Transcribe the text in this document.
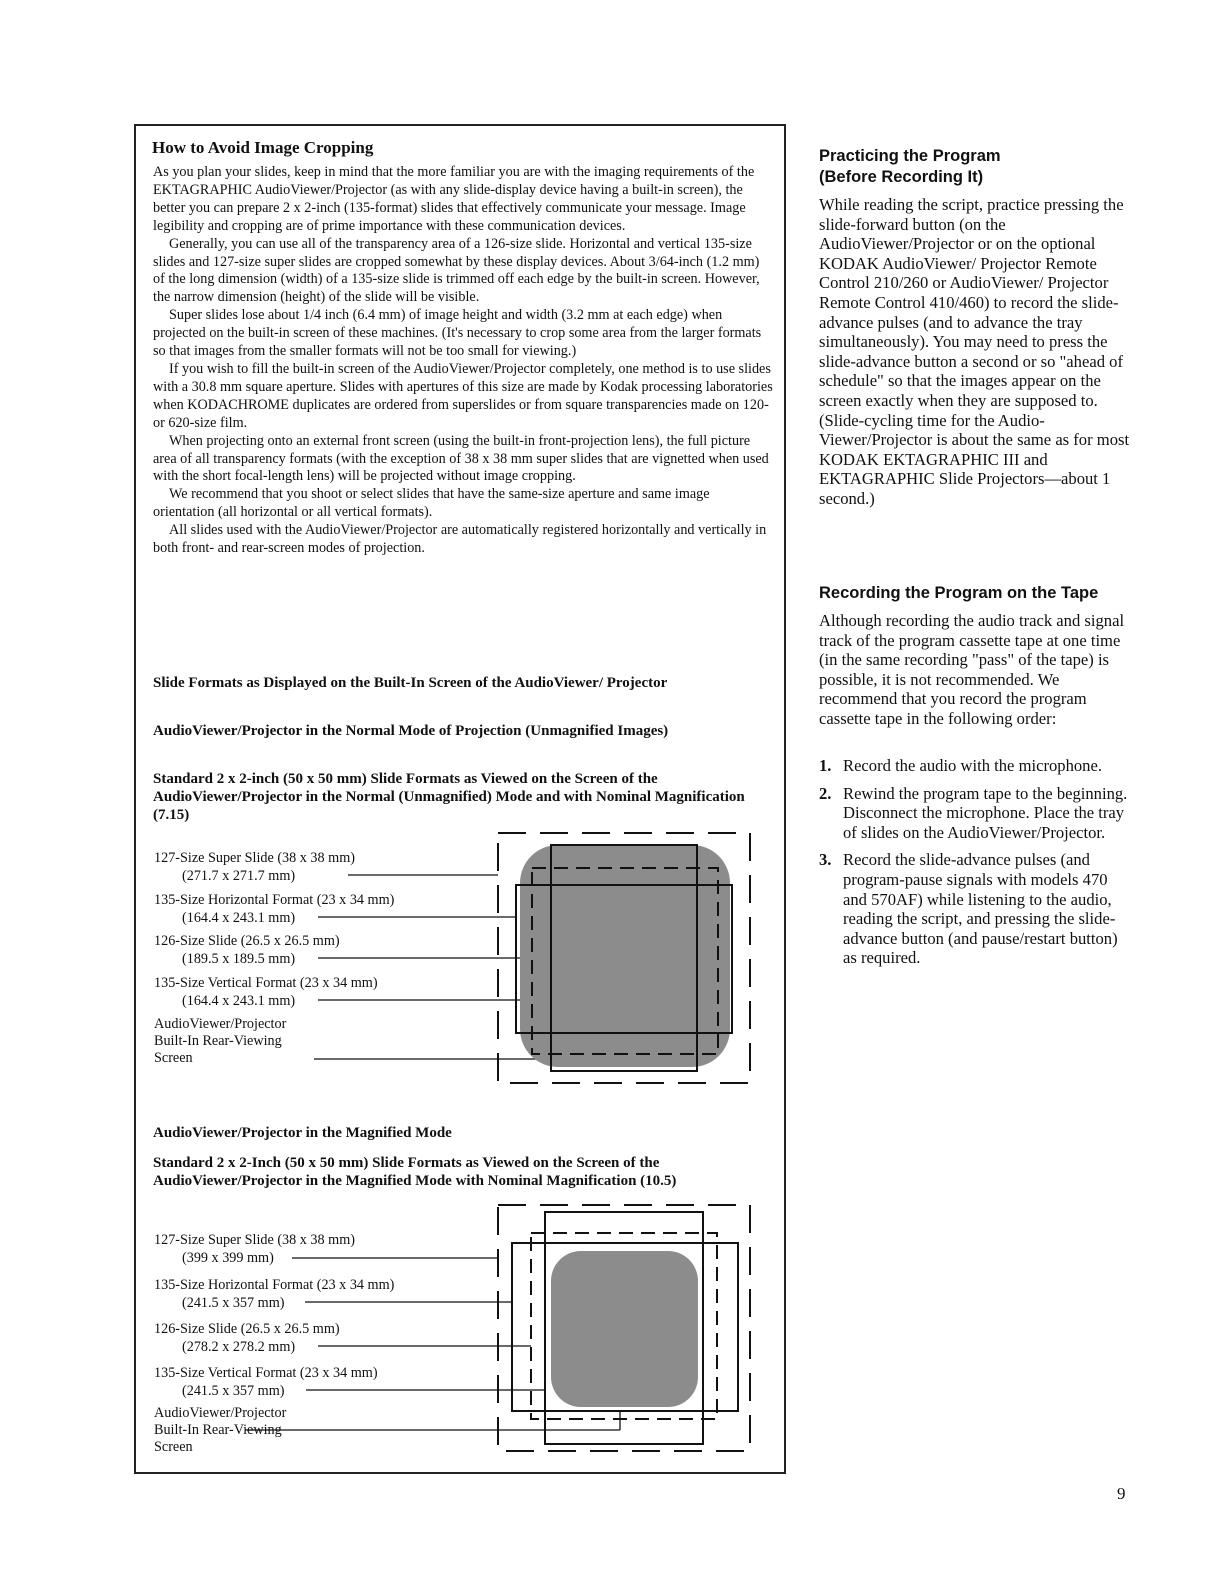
How to Avoid Image Cropping

As you plan your slides, keep in mind that the more familiar you are with the imaging requirements of the EKTAGRAPHIC AudioViewer/Projector (as with any slide-display device having a built-in screen), the better you can prepare 2 x 2-inch (135-format) slides that effectively communicate your message. Image legibility and cropping are of prime importance with these communication devices.

Generally, you can use all of the transparency area of a 126-size slide. Horizontal and vertical 135-size slides and 127-size super slides are cropped somewhat by these display devices. About 3/64-inch (1.2 mm) of the long dimension (width) of a 135-size slide is trimmed off each edge by the built-in screen. However, the narrow dimension (height) of the slide will be visible.

Super slides lose about 1/4 inch (6.4 mm) of image height and width (3.2 mm at each edge) when projected on the built-in screen of these machines. (It's necessary to crop some area from the larger formats so that images from the smaller formats will not be too small for viewing.)

If you wish to fill the built-in screen of the AudioViewer/Projector completely, one method is to use slides with a 30.8 mm square aperture. Slides with apertures of this size are made by Kodak processing laboratories when KODACHROME duplicates are ordered from superslides or from square transparencies made on 120- or 620-size film.

When projecting onto an external front screen (using the built-in front-projection lens), the full picture area of all transparency formats (with the exception of 38 x 38 mm super slides that are vignetted when used with the short focal-length lens) will be projected without image cropping.

We recommend that you shoot or select slides that have the same-size aperture and same image orientation (all horizontal or all vertical formats).

All slides used with the AudioViewer/Projector are automatically registered horizontally and vertically in both front- and rear-screen modes of projection.

Slide Formats as Displayed on the Built-In Screen of the AudioViewer/ Projector
AudioViewer/Projector in the Normal Mode of Projection (Unmagnified Images)
Standard 2 x 2-inch (50 x 50 mm) Slide Formats as Viewed on the Screen of the AudioViewer/Projector in the Normal (Unmagnified) Mode and with Nominal Magnification (7.15)
127-Size Super Slide (38 x 38 mm)
(271.7 x 271.7 mm)
135-Size Horizontal Format (23 x 34 mm)
(164.4 x 243.1 mm)
126-Size Slide (26.5 x 26.5 mm)
(189.5 x 189.5 mm)
135-Size Vertical Format (23 x 34 mm)
(164.4 x 243.1 mm)
AudioViewer/Projector Built-In Rear-Viewing Screen
AudioViewer/Projector in the Magnified Mode
Standard 2 x 2-Inch (50 x 50 mm) Slide Formats as Viewed on the Screen of the AudioViewer/Projector in the Magnified Mode with Nominal Magnification (10.5)
127-Size Super Slide (38 x 38 mm)
(399 x 399 mm)
135-Size Horizontal Format (23 x 34 mm)
(241.5 x 357 mm)
126-Size Slide (26.5 x 26.5 mm)
(278.2 x 278.2 mm)
135-Size Vertical Format (23 x 34 mm)
(241.5 x 357 mm)
AudioViewer/Projector Built-In Rear-Viewing Screen
Practicing the Program
(Before Recording It)

While reading the script, practice pressing the slide-forward button (on the AudioViewer/Projector or on the optional KODAK AudioViewer/ Projector Remote Control 210/260 or AudioViewer/ Projector Remote Control 410/460) to record the slide-advance pulses (and to advance the tray simultaneously). You may need to press the slide-advance button a second or so "ahead of schedule" so that the images appear on the screen exactly when they are supposed to. (Slide-cycling time for the Audio-Viewer/Projector is about the same as for most KODAK EKTAGRAPHIC III and EKTAGRAPHIC Slide Projectors—about 1 second.)

Recording the Program on the Tape

Although recording the audio track and signal track of the program cassette tape at one time (in the same recording "pass" of the tape) is possible, it is not recommended. We recommend that you record the program cassette tape in the following order:

1. Record the audio with the microphone.
2. Rewind the program tape to the beginning. Disconnect the microphone. Place the tray of slides on the AudioViewer/Projector.
3. Record the slide-advance pulses (and program-pause signals with models 470 and 570AF) while listening to the audio, reading the script, and pressing the slide-advance button (and pause/restart button) as required.
9
